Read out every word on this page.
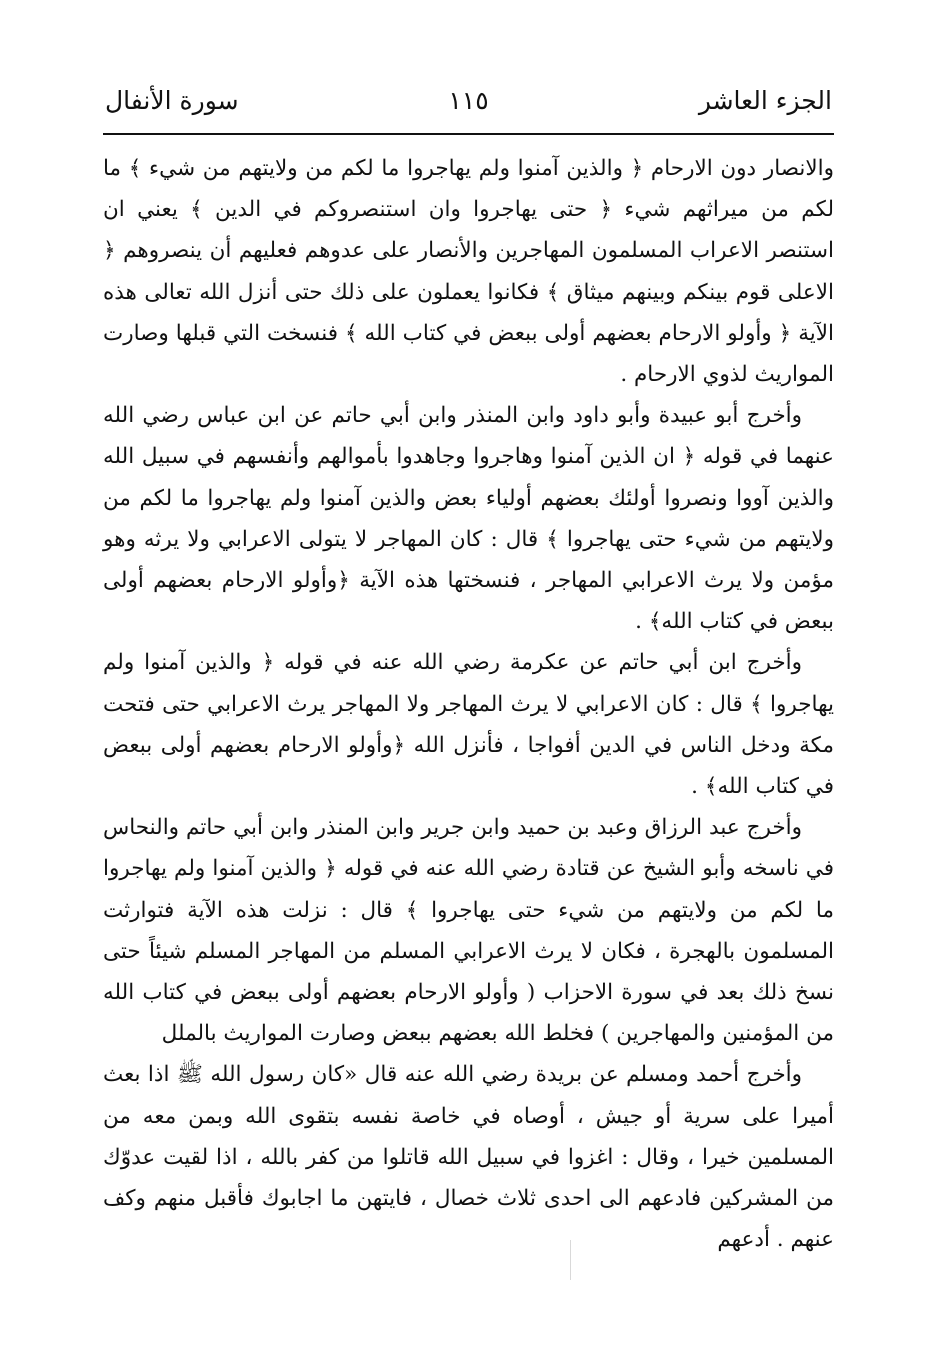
الجزء العاشر
١١٥
سورة الأنفال

والانصار دون الارحام ﴿ والذين آمنوا ولم يهاجروا ما لكم من ولايتهم من شيء ﴾ ما لكم من ميراثهم شيء ﴿ حتى يهاجروا وان استنصروكم في الدين ﴾ يعني ان استنصر الاعراب المسلمون المهاجرين والأنصار على عدوهم فعليهم أن ينصروهم ﴿ الاعلى قوم بينكم وبينهم ميثاق ﴾ فكانوا يعملون على ذلك حتى أنزل الله تعالى هذه الآية ﴿ وأولو الارحام بعضهم أولى ببعض في كتاب الله ﴾ فنسخت التي قبلها وصارت المواريث لذوي الارحام .

وأخرج أبو عبيدة وأبو داود وابن المنذر وابن أبي حاتم عن ابن عباس رضي الله عنهما في قوله ﴿ ان الذين آمنوا وهاجروا وجاهدوا بأموالهم وأنفسهم في سبيل الله والذين آووا ونصروا أولئك بعضهم أولياء بعض والذين آمنوا ولم يهاجروا ما لكم من ولايتهم من شيء حتى يهاجروا ﴾ قال : كان المهاجر لا يتولى الاعرابي ولا يرثه وهو مؤمن ولا يرث الاعرابي المهاجر ، فنسختها هذه الآية ﴿وأولو الارحام بعضهم أولى ببعض في كتاب الله﴾ .

وأخرج ابن أبي حاتم عن عكرمة رضي الله عنه في قوله ﴿ والذين آمنوا ولم يهاجروا ﴾ قال : كان الاعرابي لا يرث المهاجر ولا المهاجر يرث الاعرابي حتى فتحت مكة ودخل الناس في الدين أفواجا ، فأنزل الله ﴿وأولو الارحام بعضهم أولى ببعض في كتاب الله﴾ .

وأخرج عبد الرزاق وعبد بن حميد وابن جرير وابن المنذر وابن أبي حاتم والنحاس في ناسخه وأبو الشيخ عن قتادة رضي الله عنه في قوله ﴿ والذين آمنوا ولم يهاجروا ما لكم من ولايتهم من شيء حتى يهاجروا ﴾ قال : نزلت هذه الآية فتوارثت المسلمون بالهجرة ، فكان لا يرث الاعرابي المسلم من المهاجر المسلم شيئاً حتى نسخ ذلك بعد في سورة الاحزاب ( وأولو الارحام بعضهم أولى ببعض في كتاب الله من المؤمنين والمهاجرين ) فخلط الله بعضهم ببعض وصارت المواريث بالملل

وأخرج أحمد ومسلم عن بريدة رضي الله عنه قال «كان رسول الله ﷺ اذا بعث أميرا على سرية أو جيش ، أوصاه في خاصة نفسه بتقوى الله وبمن معه من المسلمين خيرا ، وقال : اغزوا في سبيل الله قاتلوا من كفر بالله ، اذا لقيت عدوّك من المشركين فادعهم الى احدى ثلاث خصال ، فايتهن ما اجابوك فأقبل منهم وكف عنهم . أدعهم
